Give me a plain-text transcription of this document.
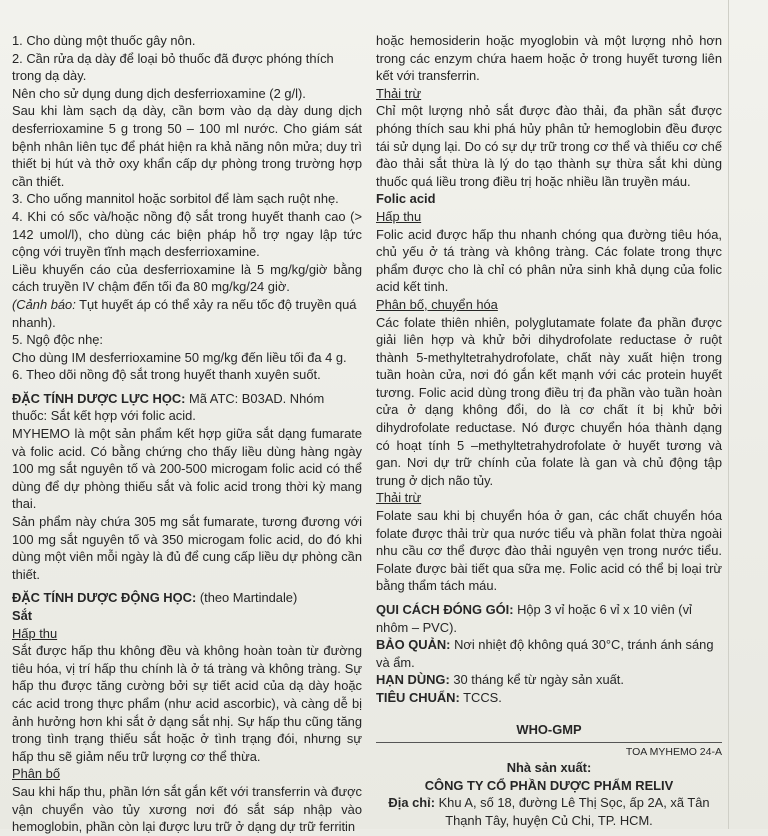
1. Cho dùng một thuốc gây nôn.

2. Cần rửa dạ dày để loại bỏ thuốc đã được phóng thích trong dạ dày.

Nên cho sử dụng dung dịch desferrioxamine (2 g/l).

Sau khi làm sạch dạ dày, cần bơm vào dạ dày dung dịch desferrioxamine 5 g trong 50 – 100 ml nước. Cho giám sát bệnh nhân liên tục để phát hiện ra khả năng nôn mửa; duy trì thiết bị hút và thở oxy khẩn cấp dự phòng trong trường hợp cần thiết.

3. Cho uống mannitol hoặc sorbitol để làm sạch ruột nhẹ.

4. Khi có sốc và/hoặc nồng độ sắt trong huyết thanh cao (> 142 umol/l), cho dùng các biện pháp hỗ trợ ngay lập tức cộng với truyền tĩnh mạch desferrioxamine.

Liều khuyến cáo của desferrioxamine là 5 mg/kg/giờ bằng cách truyền IV chậm đến tối đa 80 mg/kg/24 giờ.

(Cảnh báo: Tụt huyết áp có thể xảy ra nếu tốc độ truyền quá nhanh).

5. Ngộ độc nhẹ:

Cho dùng IM desferrioxamine 50 mg/kg đến liều tối đa 4 g.

6. Theo dõi nồng độ sắt trong huyết thanh xuyên suốt.

ĐẶC TÍNH DƯỢC LỰC HỌC: Mã ATC: B03AD. Nhóm thuốc: Sắt kết hợp với folic acid.

MYHEMO là một sản phẩm kết hợp giữa sắt dạng fumarate và folic acid. Có bằng chứng cho thấy liều dùng hàng ngày 100 mg sắt nguyên tố và 200-500 microgam folic acid có thể dùng để dự phòng thiếu sắt và folic acid trong thời kỳ mang thai.

Sản phẩm này chứa 305 mg sắt fumarate, tương đương với 100 mg sắt nguyên tố và 350 microgam folic acid, do đó khi dùng một viên mỗi ngày là đủ để cung cấp liều dự phòng cần thiết.

ĐẶC TÍNH DƯỢC ĐỘNG HỌC: (theo Martindale)

Sắt

Hấp thu

Sắt được hấp thu không đều và không hoàn toàn từ đường tiêu hóa, vị trí hấp thu chính là ở tá tràng và không tràng. Sự hấp thu được tăng cường bởi sự tiết acid của dạ dày hoặc các acid trong thực phẩm (như acid ascorbic), và càng dễ bị ảnh hưởng hơn khi sắt ở dạng sắt nhị. Sự hấp thu cũng tăng trong tình trạng thiếu sắt hoặc ở tình trạng đói, nhưng sự hấp thu sẽ giảm nếu trữ lượng cơ thể thừa.

Phân bố

Sau khi hấp thu, phần lớn sắt gắn kết với transferrin và được vận chuyển vào tủy xương nơi đó sắt sáp nhập vào hemoglobin, phần còn lại được lưu trữ ở dạng dự trữ ferritin

hoặc hemosiderin hoặc myoglobin và một lượng nhỏ hơn trong các enzym chứa haem hoặc ở trong huyết tương liên kết với transferrin.

Thải trừ

Chỉ một lượng nhỏ sắt được đào thải, đa phần sắt được phóng thích sau khi phá hủy phân tử hemoglobin đều được tái sử dụng lại. Do có sự dự trữ trong cơ thể và thiếu cơ chế đào thải sắt thừa là lý do tạo thành sự thừa sắt khi dùng thuốc quá liều trong điều trị hoặc nhiều lần truyền máu.

Folic acid

Hấp thu

Folic acid được hấp thu nhanh chóng qua đường tiêu hóa, chủ yếu ở tá tràng và không tràng. Các folate trong thực phẩm được cho là chỉ có phân nửa sinh khả dụng của folic acid kết tinh.

Phân bố, chuyển hóa

Các folate thiên nhiên, polyglutamate folate đa phần được giải liên hợp và khử bởi dihydrofolate reductase ở ruột thành 5-methyltetrahydrofolate, chất này xuất hiện trong tuần hoàn cửa, nơi đó gắn kết mạnh với các protein huyết tương. Folic acid dùng trong điều trị đa phần vào tuần hoàn cửa ở dạng không đổi, do là cơ chất ít bị khử bởi dihydrofolate reductase. Nó được chuyển hóa thành dạng có hoạt tính 5 –methyltetrahydrofolate ở huyết tương và gan. Nơi dự trữ chính của folate là gan và chủ động tập trung ở dịch não tủy.

Thải trừ

Folate sau khi bị chuyển hóa ở gan, các chất chuyển hóa folate được thải trừ qua nước tiểu và phần folat thừa ngoài nhu cầu cơ thể được đào thải nguyên vẹn trong nước tiểu. Folate được bài tiết qua sữa mẹ. Folic acid có thể bị loại trừ bằng thẩm tách máu.

QUI CÁCH ĐÓNG GÓI: Hộp 3 vỉ hoặc 6 vỉ x 10 viên (vỉ nhôm – PVC).

BẢO QUẢN: Nơi nhiệt độ không quá 30°C, tránh ánh sáng và ẩm.

HẠN DÙNG: 30 tháng kể từ ngày sản xuất.

TIÊU CHUẨN: TCCS.

WHO-GMP

TOA MYHEMO 24-A

Nhà sản xuất:

CÔNG TY CỔ PHẦN DƯỢC PHẨM RELIV

Địa chỉ: Khu A, số 18, đường Lê Thị Sọc, ấp 2A, xã Tân Thạnh Tây, huyện Củ Chi, TP. HCM.
